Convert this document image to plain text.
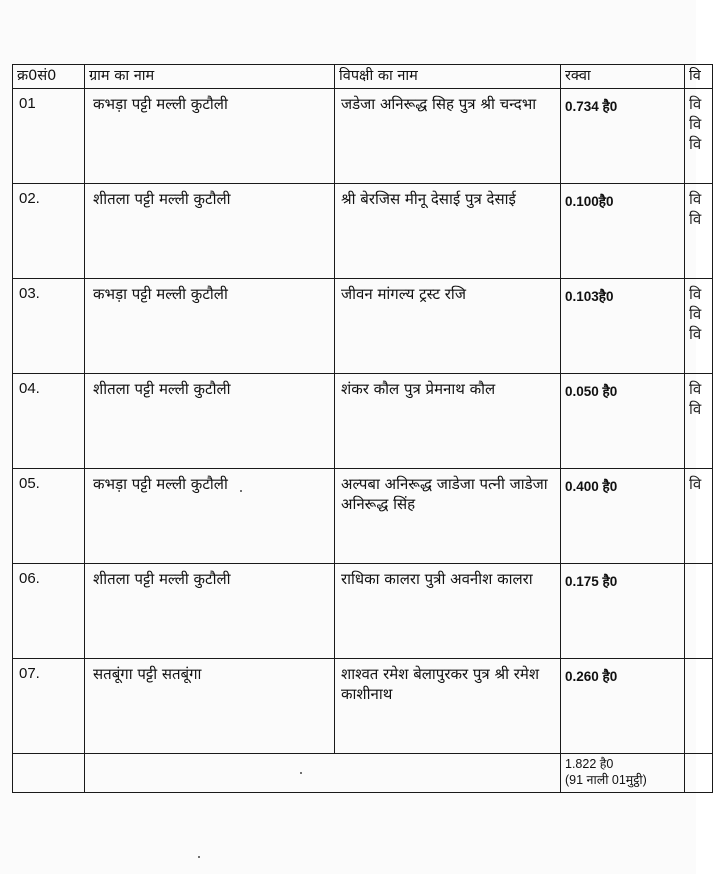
क्र0सं0	ग्राम का नाम	विपक्षी का नाम	रक्वा	वि
01	कभड़ा पट्टी मल्ली कुटौली	जडेजा अनिरूद्ध सिह पुत्र श्री चन्दभा	0.734 है0	वि
वि
वि
02.	शीतला पट्टी मल्ली कुटौली	श्री बेरजिस मीनू देसाई पुत्र देसाई	0.100है0	वि
वि
03.	कभड़ा पट्टी मल्ली कुटौली	जीवन मांगल्य ट्रस्ट रजि	0.103है0	वि
वि
वि
04.	शीतला पट्टी मल्ली कुटौली	शंकर कौल पुत्र प्रेमनाथ कौल	0.050 है0	वि
वि
05.	कभड़ा पट्टी मल्ली कुटौली	अल्पबा अनिरूद्ध जाडेजा पत्नी जाडेजा अनिरूद्ध सिंह	0.400 है0	वि
06.	शीतला पट्टी मल्ली कुटौली	राधिका कालरा पुत्री अवनीश कालरा	0.175 है0	
07.	सतबूंगा पट्टी सतबूंगा	शाश्वत रमेश बेलापुरकर पुत्र श्री रमेश काशीनाथ	0.260 है0	

			1.822 है0
(91 नाली 01मुट्ठी)	
